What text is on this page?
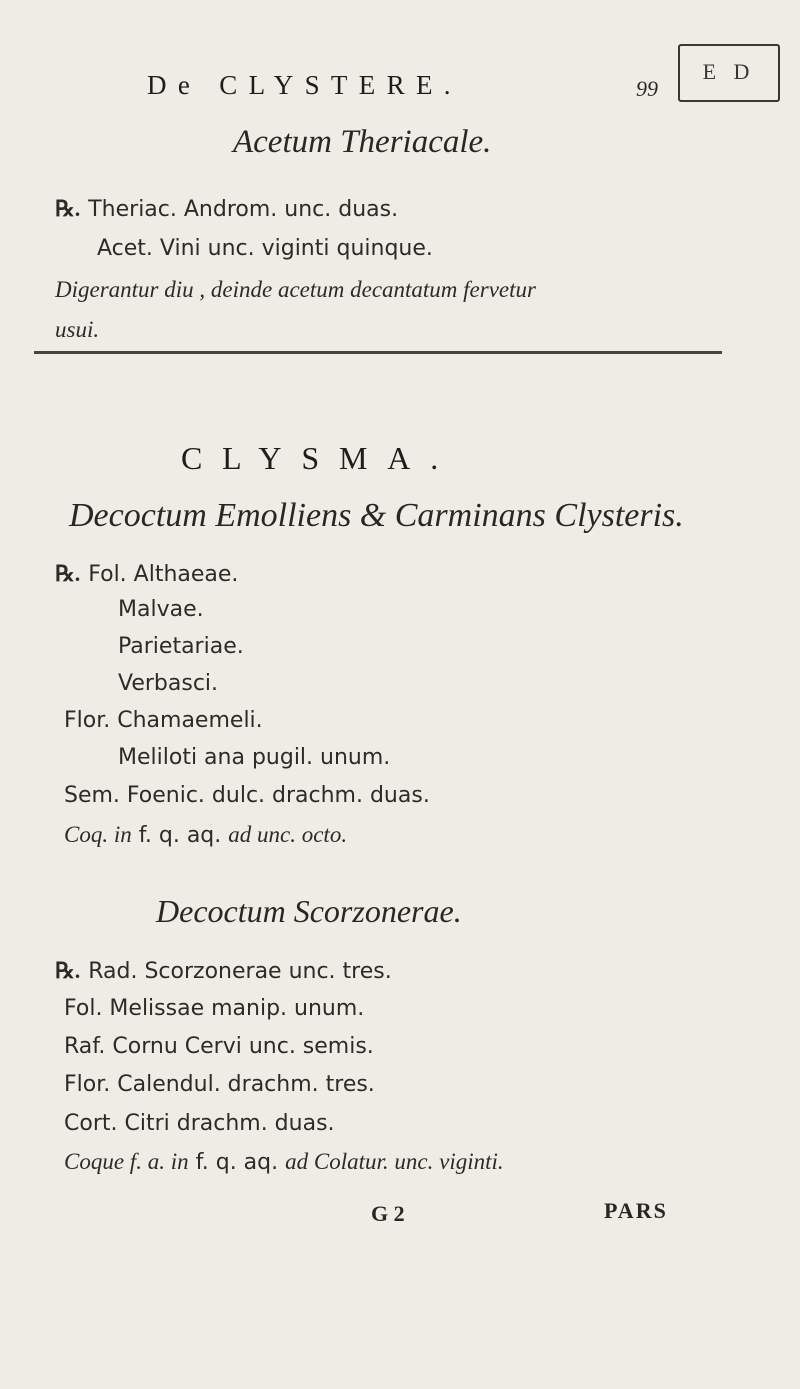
De CLYSTERE.	99
E D
Acetum Theriacale.
℞. Theriac. Androm. unc. duas.
Acet. Vini unc. viginti quinque.
Digerantur diu , deinde acetum decantatum fervetur
usui.
CLYSMA.
Decoctum Emolliens & Carminans Clysteris.
℞. Fol. Althaeae.
Malvae.
Parietariae.
Verbasci.
Flor. Chamaemeli.
Meliloti ana pugil. unum.
Sem. Foenic. dulc. drachm. duas.
Coq. in f. q. aq. ad unc. octo.
Decoctum Scorzonerae.
℞. Rad. Scorzonerae unc. tres.
Fol. Melissae manip. unum.
Raf. Cornu Cervi unc. semis.
Flor. Calendul. drachm. tres.
Cort. Citri drachm. duas.
Coque f. a. in f. q. aq. ad Colatur. unc. viginti.
G 2	PARS
